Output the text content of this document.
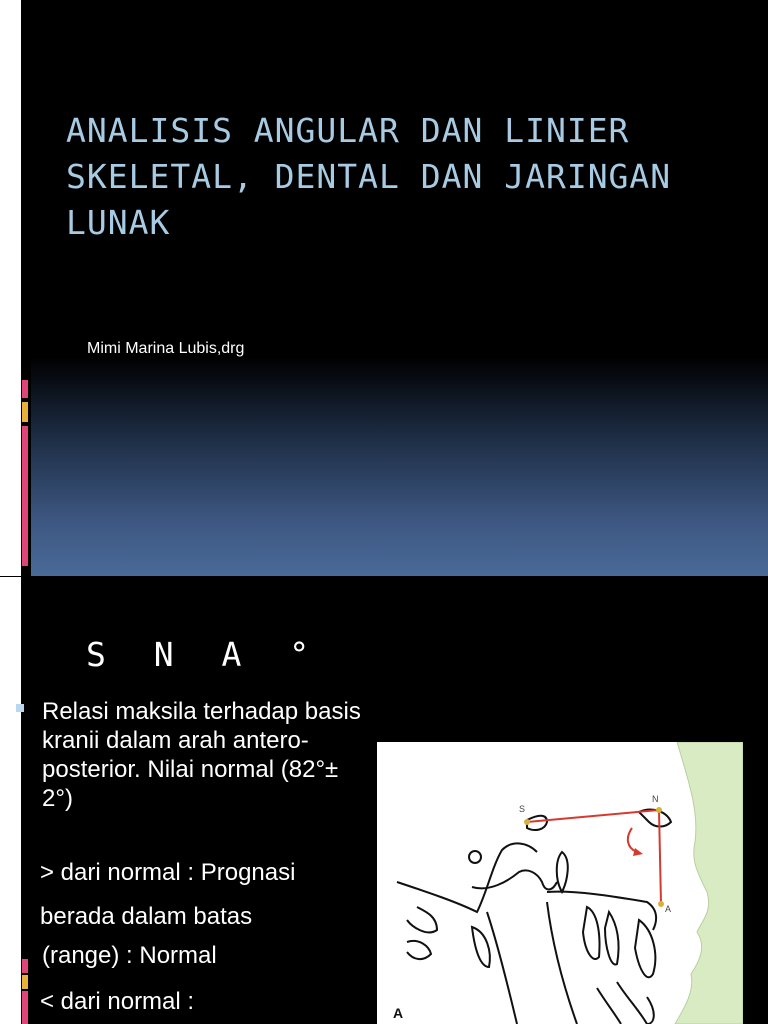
ANALISIS ANGULAR DAN LINIER SKELETAL, DENTAL DAN JARINGAN LUNAK
Mimi Marina Lubis,drg
S N A °

Relasi maksila terhadap basis kranii dalam arah antero-posterior. Nilai normal (82°± 2°)

> dari normal : Prognasi
berada dalam batas
(range) : Normal
< dari normal :
S
N
A
A
